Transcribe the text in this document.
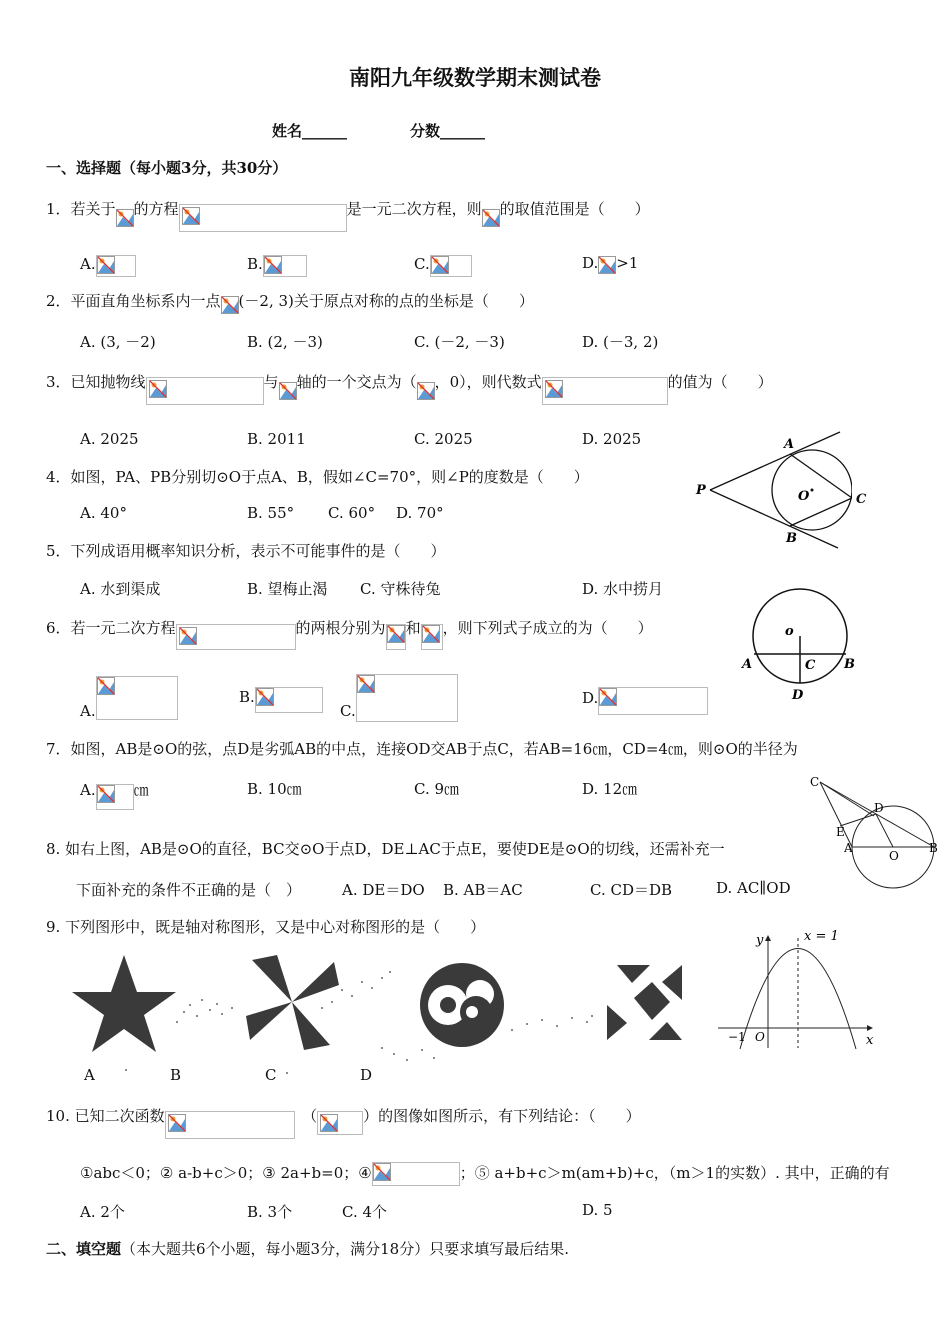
南阳九年级数学期末测试卷
姓名______	分数______
一、选择题（每小题3分，共30分）
1．若关于 的方程	是一元二次方程，则 的取值范围是（　　）
A.	B.	C.	D. >1
2．平面直角坐标系内一点 (－2, 3)关于原点对称的点的坐标是（　　）
A. (3, －2)	B. (2, －3)	C. (－2, －3)	D. (－3, 2)
3．已知抛物线	与 轴的一个交点为（ ，0），则代数式	的值为（　　）
A. 2025	B. 2011	C. 2025	D. 2025
4．如图，PA、PB分别切⊙O于点A、B，假如∠C=70°，则∠P的度数是（　　）
A. 40°	B. 55° C. 60° D. 70°
5．下列成语用概率知识分析，表示不可能事件的是（　　）
A. 水到渠成	B. 望梅止渴 C. 守株待兔	D. 水中捞月
6．若一元二次方程	的两根分别为 和 ，则下列式子成立的为（　　）
A.
B.
C.
D.
7．如图，AB是⊙O的弦，点D是劣弧AB的中点，连接OD交AB于点C，若AB=16㎝，CD=4㎝，则⊙O的半径为
A.	㎝	B. 10㎝	C. 9㎝	D. 12㎝
8. 如右上图，AB是⊙O的直径，BC交⊙O于点D，DE⊥AC于点E，要使DE是⊙O的切线，还需补充一
下面补充的条件不正确的是（　）	A. DE＝DO B. AB＝AC	C. CD＝DB	D. AC∥OD
9. 下列图形中，既是轴对称图形，又是中心对称图形的是（　　）
A	B	C	D
10. 已知二次函数
　	（	）的图像如图所示，有下列结论：（　　）
①abc＜0；② a-b+c＞0；③ 2a+b=0；④	；⑤ a+b+c＞m(am+b)+c，（m＞1的实数）. 其中，正确的有
A. 2个	B. 3个	C. 4个	D. 5
二、填空题（本大题共6个小题，每小题3分，满分18分）只要求填写最后结果.
P
A
B
O	C
o
A	B
C
D
C
D
E
A
O
B
y
x
x = 1
−1 O
